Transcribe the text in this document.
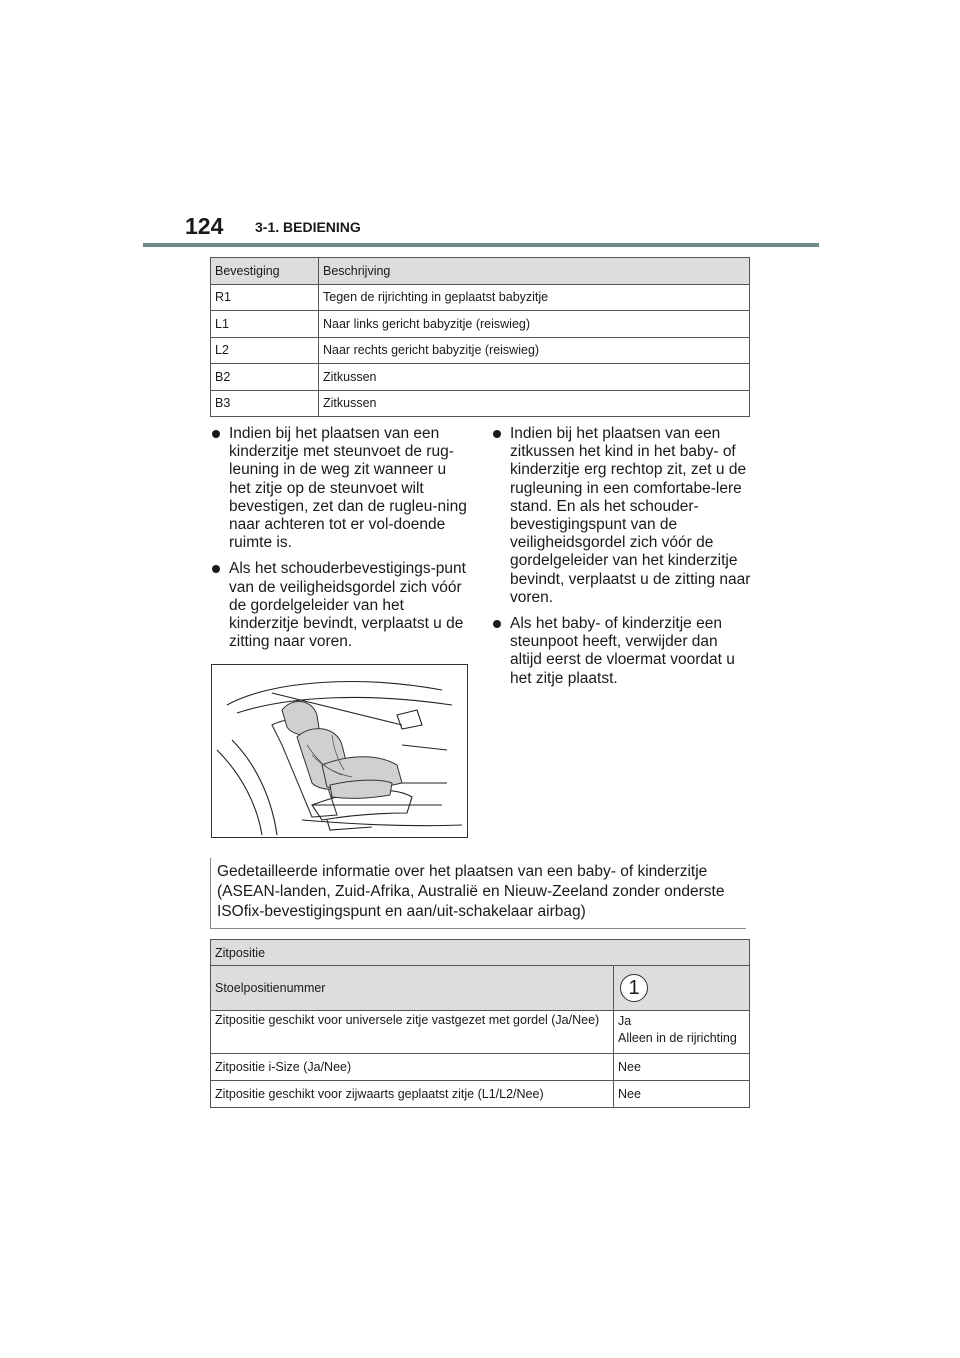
124 3-1. BEDIENING
Bevestiging	Beschrijving
R1	Tegen de rijrichting in geplaatst babyzitje
L1	Naar links gericht babyzitje (reiswieg)
L2	Naar rechts gericht babyzitje (reiswieg)
B2	Zitkussen
B3	Zitkussen
Indien bij het plaatsen van een kinderzitje met steunvoet de rug-leuning in de weg zit wanneer u het zitje op de steunvoet wilt bevestigen, zet dan de rugleu-ning naar achteren tot er vol-doende ruimte is.
Als het schouderbevestigings-punt van de veiligheidsgordel zich vóór de gordelgeleider van het kinderzitje bevindt, verplaatst u de zitting naar voren.
Indien bij het plaatsen van een zitkussen het kind in het baby- of kinderzitje erg rechtop zit, zet u de rugleuning in een comfortabe-lere stand. En als het schouder-bevestigingspunt van de veiligheidsgordel zich vóór de gordelgeleider van het kinderzitje bevindt, verplaatst u de zitting naar voren.
Als het baby- of kinderzitje een steunpoot heeft, verwijder dan altijd eerst de vloermat voordat u het zitje plaatst.
Gedetailleerde informatie over het plaatsen van een baby- of kinderzitje (ASEAN-landen, Zuid-Afrika, Australië en Nieuw-Zeeland zonder onderste ISOfix-bevestigingspunt en aan/uit-schakelaar airbag)
Zitpositie	
Stoelpositienummer	1
Zitpositie geschikt voor universele zitje vastgezet met gordel (Ja/Nee)	Ja
Alleen in de rijrichting

Zitpositie i-Size (Ja/Nee)	Nee
Zitpositie geschikt voor zijwaarts geplaatst zitje (L1/L2/Nee)	Nee
